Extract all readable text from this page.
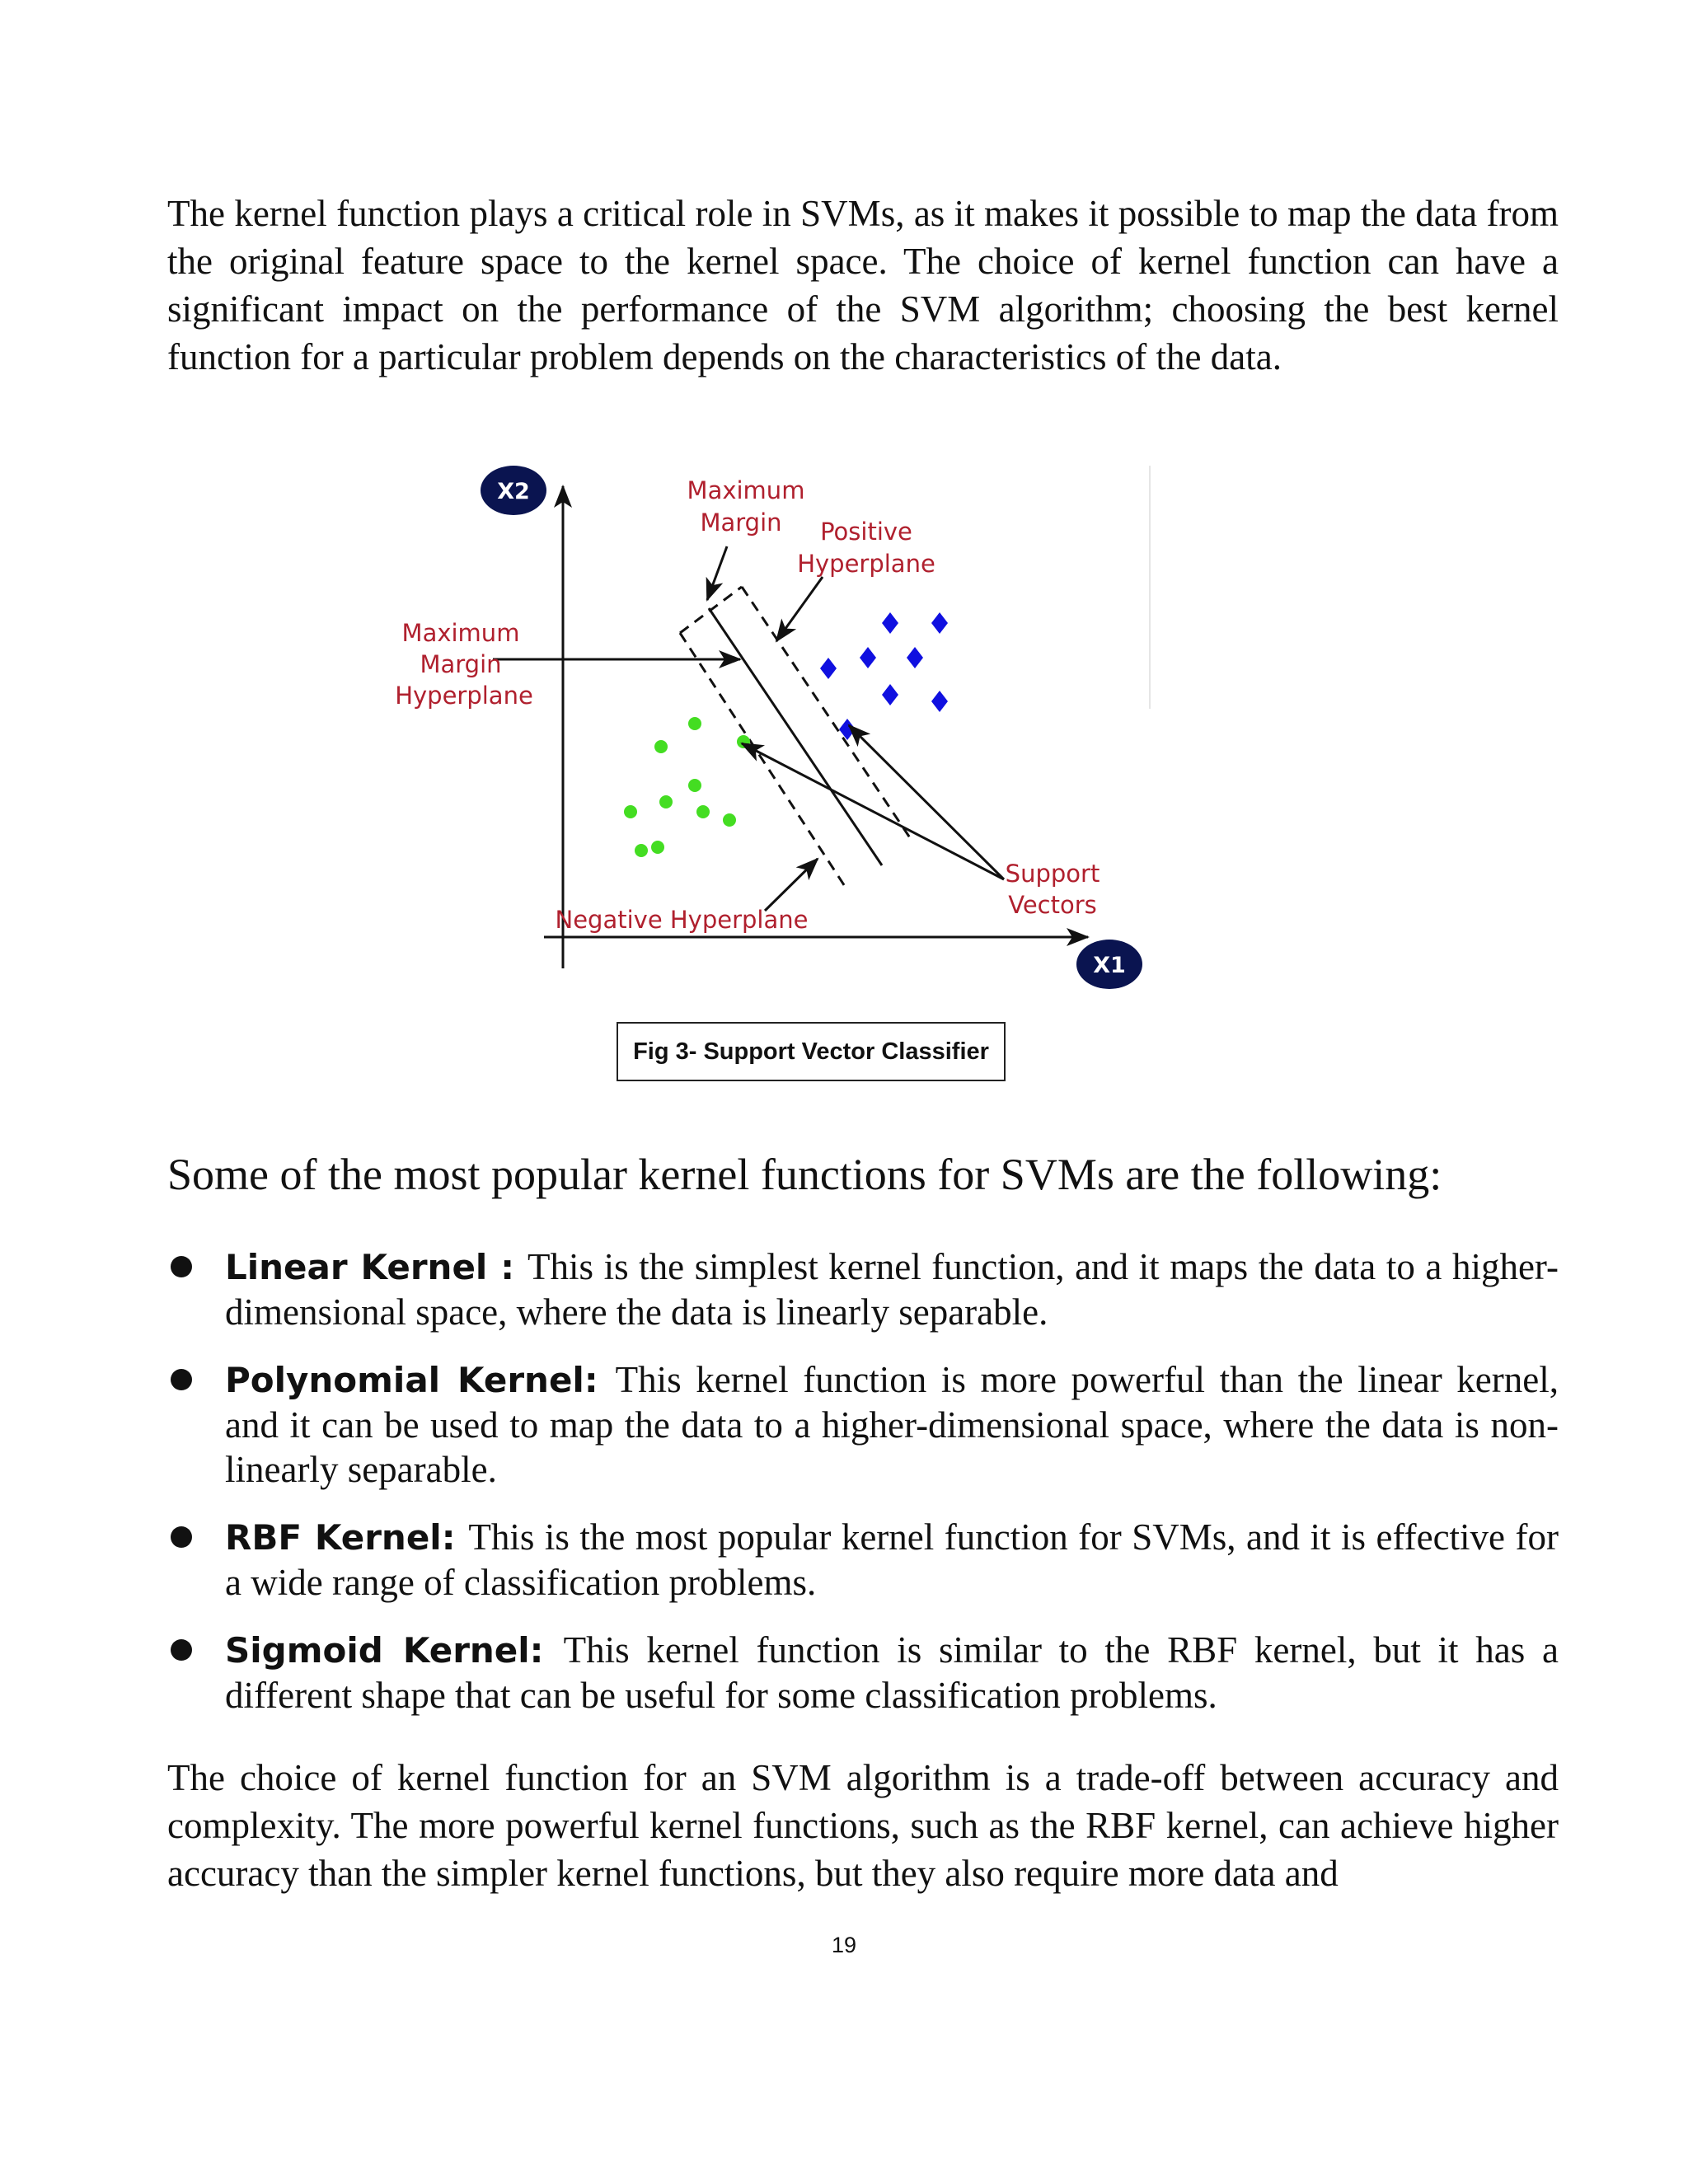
The kernel function plays a critical role in SVMs, as it makes it possible to map the data from the original feature space to the kernel space. The choice of kernel function can have a significant impact on the performance of the SVM algorithm; choosing the best kernel function for a particular problem depends on the characteristics of the data.

X2
X1
Maximum
Margin Positive
Hyperplane
Maximum
Margin
Hyperplane
Support
Vectors
Negative Hyperplane
Fig 3- Support Vector Classifier
Some of the most popular kernel functions for SVMs are the following:
Linear Kernel : This is the simplest kernel function, and it maps the data to a higher-dimensional space, where the data is linearly separable.
Polynomial Kernel: This kernel function is more powerful than the linear kernel, and it can be used to map the data to a higher-dimensional space, where the data is non-linearly separable.
RBF Kernel: This is the most popular kernel function for SVMs, and it is effective for a wide range of classification problems.
Sigmoid Kernel: This kernel function is similar to the RBF kernel, but it has a different shape that can be useful for some classification problems.

The choice of kernel function for an SVM algorithm is a trade-off between accuracy and complexity. The more powerful kernel functions, such as the RBF kernel, can achieve higher accuracy than the simpler kernel functions, but they also require more data and

19
